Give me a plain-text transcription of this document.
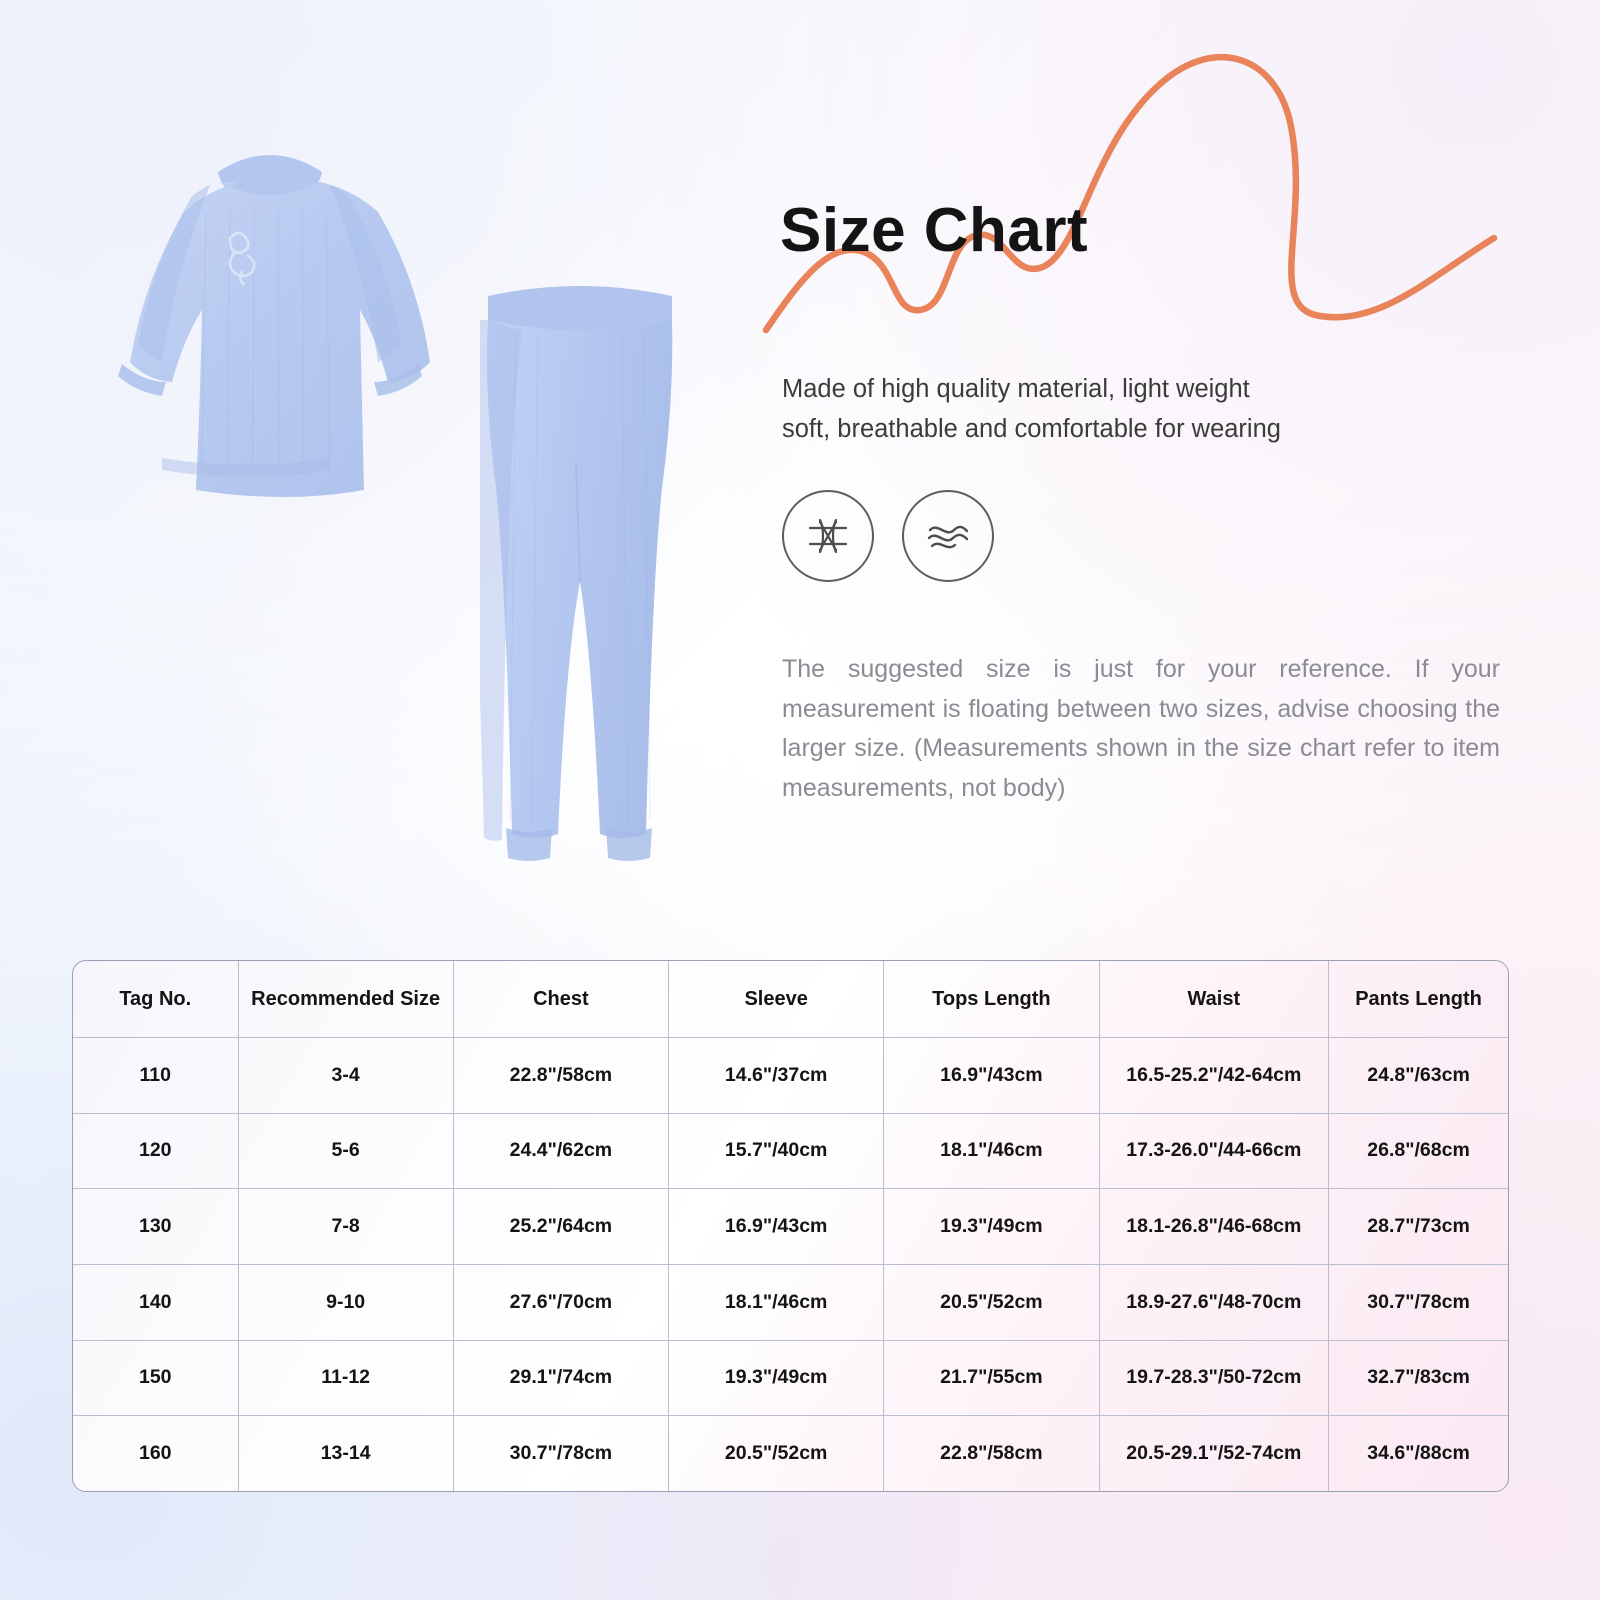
Size Chart
Made of high quality material, light weight
soft, breathable and comfortable for wearing
The suggested size is just for your reference. If your measurement is floating between two sizes, advise choosing the larger size. (Measurements shown in the size chart refer to item measurements, not body)
Tag No.	Recommended Size	Chest	Sleeve	Tops Length	Waist	Pants Length
110	3-4	22.8"/58cm	14.6"/37cm	16.9"/43cm	16.5-25.2"/42-64cm	24.8"/63cm
120	5-6	24.4"/62cm	15.7"/40cm	18.1"/46cm	17.3-26.0"/44-66cm	26.8"/68cm
130	7-8	25.2"/64cm	16.9"/43cm	19.3"/49cm	18.1-26.8"/46-68cm	28.7"/73cm
140	9-10	27.6"/70cm	18.1"/46cm	20.5"/52cm	18.9-27.6"/48-70cm	30.7"/78cm
150	11-12	29.1"/74cm	19.3"/49cm	21.7"/55cm	19.7-28.3"/50-72cm	32.7"/83cm
160	13-14	30.7"/78cm	20.5"/52cm	22.8"/58cm	20.5-29.1"/52-74cm	34.6"/88cm
